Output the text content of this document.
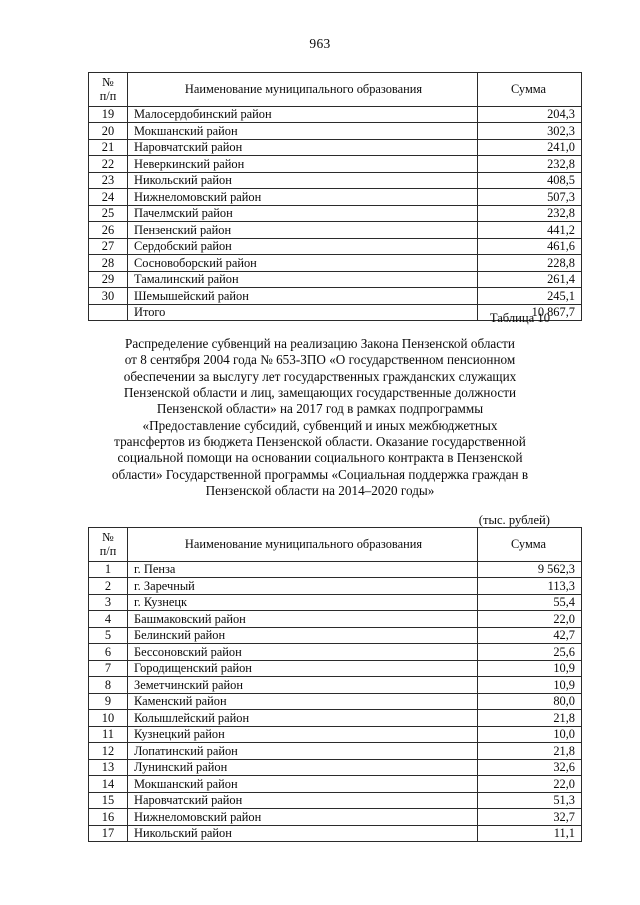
963
№
п/п	Наименование муниципального образования	Сумма
19	Малосердобинский район	204,3
20	Мокшанский район	302,3
21	Наровчатский район	241,0
22	Неверкинский район	232,8
23	Никольский район	408,5
24	Нижнеломовский район	507,3
25	Пачелмский район	232,8
26	Пензенский район	441,2
27	Сердобский район	461,6
28	Сосновоборский район	228,8
29	Тамалинский район	261,4
30	Шемышейский район	245,1
	Итого	10 867,7
Таблица 10
Распределение субвенций на реализацию Закона Пензенской области
от 8 сентября 2004 года № 653-ЗПО «О государственном пенсионном
обеспечении за выслугу лет государственных гражданских служащих
Пензенской области и лиц, замещающих государственные должности
Пензенской области» на 2017 год в рамках подпрограммы
«Предоставление субсидий, субвенций и иных межбюджетных
трансфертов из бюджета Пензенской области. Оказание государственной
социальной помощи на основании социального контракта в Пензенской
области» Государственной программы «Социальная поддержка граждан в
Пензенской области на 2014–2020 годы»
(тыс. рублей)
№
п/п	Наименование муниципального образования	Сумма
1	г. Пенза	9 562,3
2	г. Заречный	113,3
3	г. Кузнецк	55,4
4	Башмаковский район	22,0
5	Белинский район	42,7
6	Бессоновский район	25,6
7	Городищенский район	10,9
8	Земетчинский район	10,9
9	Каменский район	80,0
10	Колышлейский район	21,8
11	Кузнецкий район	10,0
12	Лопатинский район	21,8
13	Лунинский район	32,6
14	Мокшанский район	22,0
15	Наровчатский район	51,3
16	Нижнеломовский район	32,7
17	Никольский район	11,1
